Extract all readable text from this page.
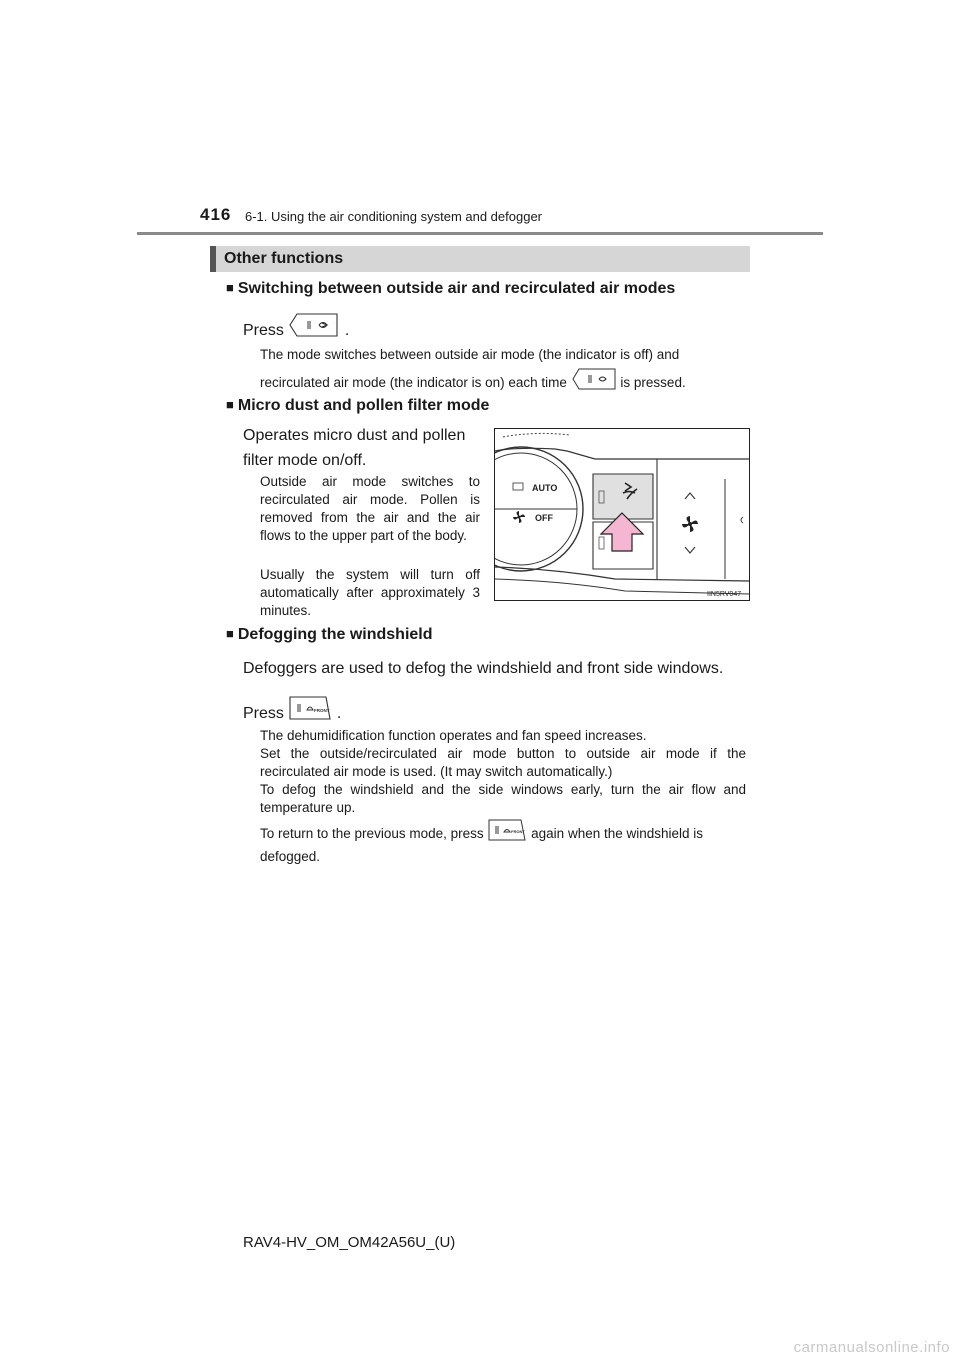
416 6-1. Using the air conditioning system and defogger
Other functions
■ Switching between outside air and recirculated air modes
Press	.
The mode switches between outside air mode (the indicator is off) and
recirculated air mode (the indicator is on) each time	is pressed.
■ Micro dust and pollen filter mode
Operates micro dust and pollen filter mode on/off.
Outside air mode switches to recirculated air mode. Pollen is removed from the air and the air flows to the upper part of the body.
Usually the system will turn off automatically after approximately 3 minutes.
AUTO
OFF
IIN5RV047
■ Defogging the windshield
Defoggers are used to defog the windshield and front side windows.
Press	FRONT .
The dehumidification function operates and fan speed increases.
Set the outside/recirculated air mode button to outside air mode if the recirculated air mode is used. (It may switch automatically.)
To defog the windshield and the side windows early, turn the air flow and temperature up.
To return to the previous mode, press	FRONT again when the windshield is defogged.
RAV4-HV_OM_OM42A56U_(U)
carmanualsonline.info
